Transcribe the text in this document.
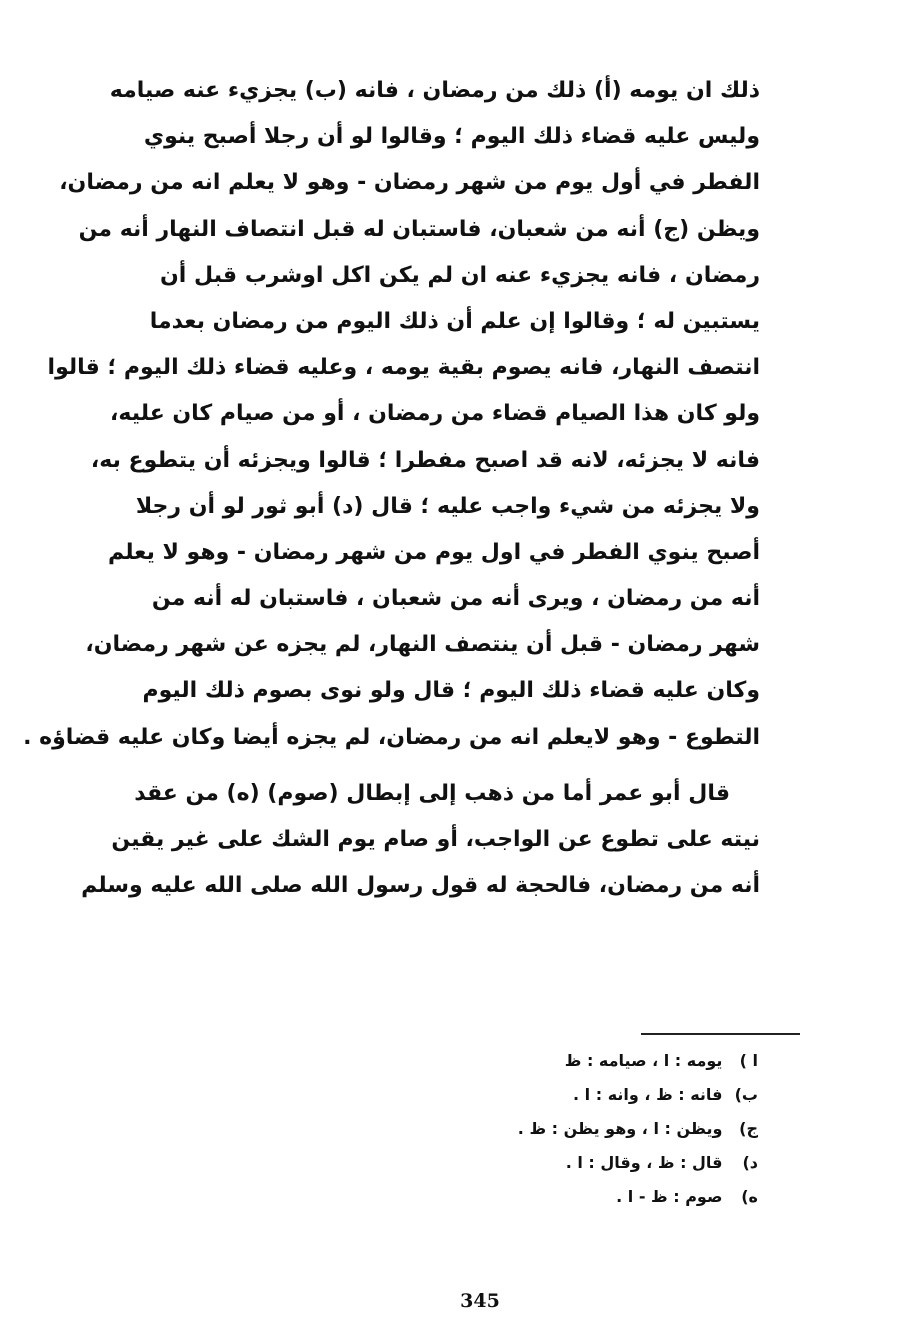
ذلك ان يومه (أ) ذلك من رمضان ، فانه (ب) يجزيء عنه صيامه
وليس عليه قضاء ذلك اليوم ؛ وقالوا لو أن رجلا أصبح ينوي
الفطر في أول يوم من شهر رمضان - وهو لا يعلم انه من رمضان،
ويظن (ج) أنه من شعبان، فاستبان له قبل انتصاف النهار أنه من
رمضان ، فانه يجزيء عنه ان لم يكن اكل اوشرب قبل أن
يستبين له ؛ وقالوا إن علم أن ذلك اليوم من رمضان بعدما
انتصف النهار، فانه يصوم بقية يومه ، وعليه قضاء ذلك اليوم ؛ قالوا
ولو كان هذا الصيام قضاء من رمضان ، أو من صيام كان عليه،
فانه لا يجزئه، لانه قد اصبح مفطرا ؛ قالوا ويجزئه أن يتطوع به،
ولا يجزئه من شيء واجب عليه ؛ قال (د) أبو ثور لو أن رجلا
أصبح ينوي الفطر في اول يوم من شهر رمضان - وهو لا يعلم
أنه من رمضان ، ويرى أنه من شعبان ، فاستبان له أنه من
شهر رمضان - قبل أن ينتصف النهار، لم يجزه عن شهر رمضان،
وكان عليه قضاء ذلك اليوم ؛ قال ولو نوى بصوم ذلك اليوم
التطوع - وهو لايعلم انه من رمضان، لم يجزه أيضا وكان عليه قضاؤه .
قال أبو عمر أما من ذهب إلى إبطال (صوم) (ه) من عقد
نيته على تطوع عن الواجب، أو صام يوم الشك على غير يقين
أنه من رمضان، فالحجة له قول رسول الله صلى الله عليه وسلم
ا ) يومه : ا ، صيامه : ظ
ب) فانه : ظ ، وانه : ا .
ج) ويظن : ا ، وهو يظن : ظ .
د) قال : ظ ، وقال : ا .
ه) صوم : ظ - ا .
345
